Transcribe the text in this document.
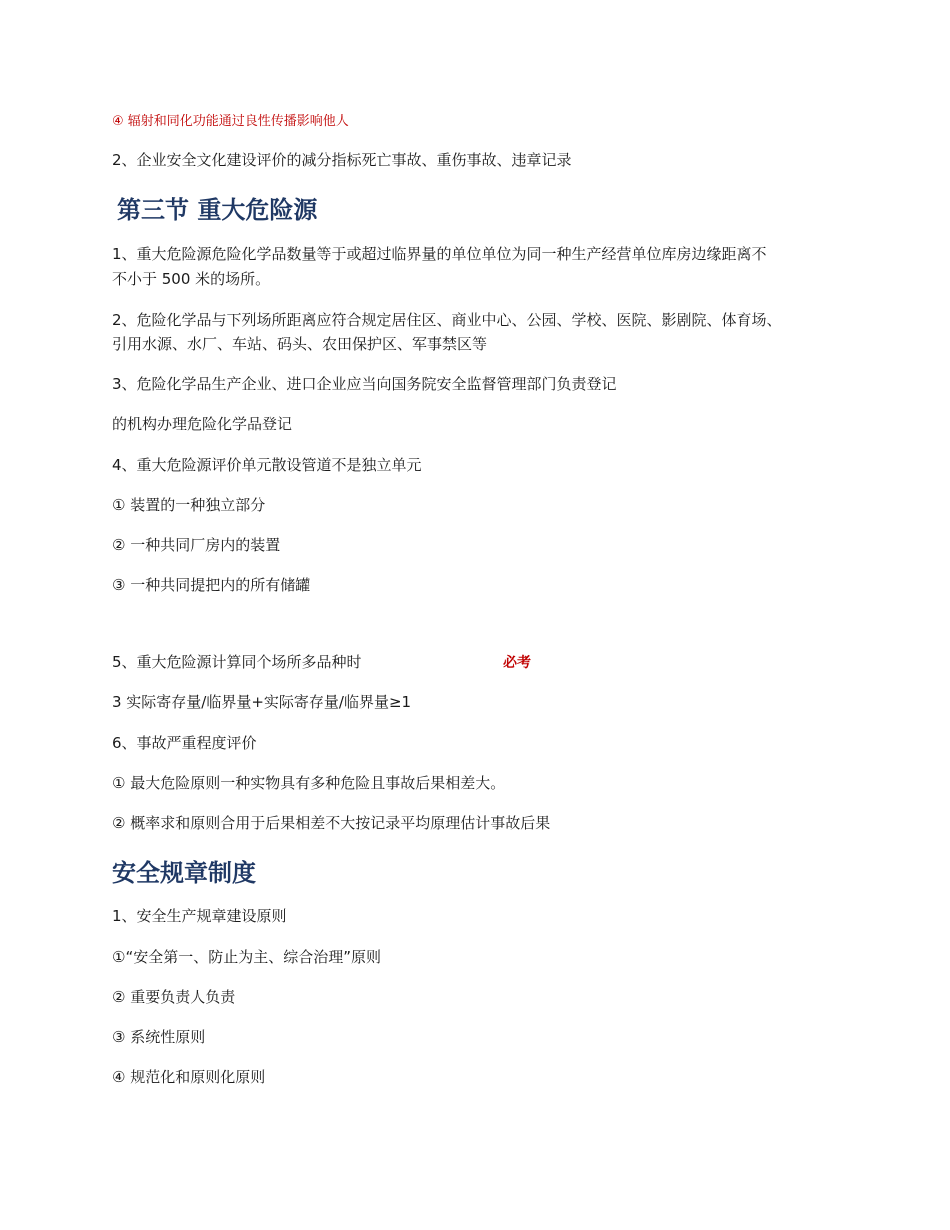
④ 辐射和同化功能通过良性传播影响他人
2、企业安全文化建设评价的减分指标死亡事故、重伤事故、违章记录
第三节 重大危险源
1、重大危险源危险化学品数量等于或超过临界量的单位单位为同一种生产经营单位库房边缘距离不
不小于 500 米的场所。
2、危险化学品与下列场所距离应符合规定居住区、商业中心、公园、学校、医院、影剧院、体育场、
引用水源、水厂、车站、码头、农田保护区、军事禁区等
3、危险化学品生产企业、进口企业应当向国务院安全监督管理部门负责登记
的机构办理危险化学品登记
4、重大危险源评价单元散设管道不是独立单元
① 装置的一种独立部分
② 一种共同厂房内的装置
③ 一种共同提把内的所有储罐
5、重大危险源计算同个场所多品种时	必考
3 实际寄存量/临界量+实际寄存量/临界量≥1
6、事故严重程度评价
① 最大危险原则一种实物具有多种危险且事故后果相差大。
② 概率求和原则合用于后果相差不大按记录平均原理估计事故后果
安全规章制度
1、安全生产规章建设原则
①“安全第一、防止为主、综合治理”原则
② 重要负责人负责
③ 系统性原则
④ 规范化和原则化原则
